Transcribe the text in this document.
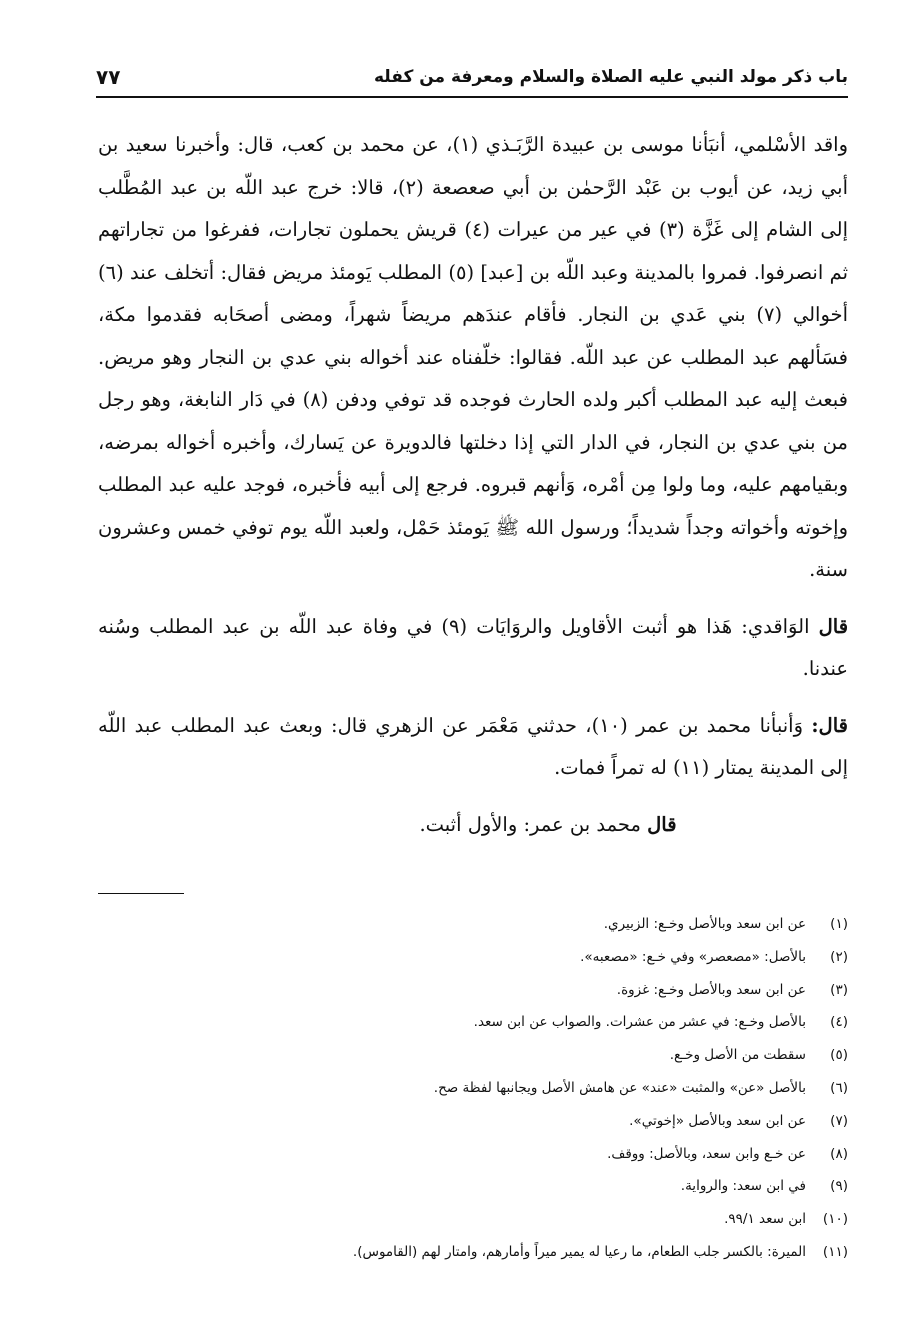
باب ذكر مولد النبي عليه الصلاة والسلام ومعرفة من كفله
٧٧

واقد الأسْلمي، أنبَأنا موسى بن عبيدة الرَّبَـذي (١)، عن محمد بن كعب، قال: وأخبرنا سعيد بن أبي زيد، عن أيوب بن عَبْد الرَّحمٰن بن أبي صعصعة (٢)، قالا: خرج عبد اللّه بن عبد المُطَّلب إلى الشام إلى غَزَّة (٣) في عير من عيرات (٤) قريش يحملون تجارات، ففرغوا من تجاراتهم ثم انصرفوا. فمروا بالمدينة وعبد اللّه بن [عبد] (٥) المطلب يَومئذ مريض فقال: أتخلف عند (٦) أخوالي (٧) بني عَدي بن النجار. فأقام عندَهم مريضاً شهراً، ومضى أصحَابه فقدموا مكة، فسَألهم عبد المطلب عن عبد اللّه. فقالوا: خلّفناه عند أخواله بني عدي بن النجار وهو مريض. فبعث إليه عبد المطلب أكبر ولده الحارث فوجده قد توفي ودفن (٨) في دَار النابغة، وهو رجل من بني عدي بن النجار، في الدار التي إذا دخلتها فالدويرة عن يَسارك، وأخبره أخواله بمرضه، وبقيامهم عليه، وما ولوا مِن أمْره، وَأنهم قبروه. فرجع إلى أبيه فأخبره، فوجد عليه عبد المطلب وإخوته وأخواته وجداً شديداً؛ ورسول الله ﷺ يَومئذ حَمْل، ولعبد اللّه يوم توفي خمس وعشرون سنة.

قال الوَاقدي: هَذا هو أثبت الأقاويل والروَايَات (٩) في وفاة عبد اللّه بن عبد المطلب وسُنه عندنا.

قال: وَأنبأنا محمد بن عمر (١٠)، حدثني مَعْمَر عن الزهري قال: وبعث عبد المطلب عبد اللّه إلى المدينة يمتار (١١) له تمراً فمات.

قال محمد بن عمر: والأول أثبت.

(١)
عن ابن سعد وبالأصل وخـع: الزبيري.
(٢)
بالأصل: «مصعصر» وفي خـع: «مصعبه».
(٣)
عن ابن سعد وبالأصل وخـع: غزوة.
(٤)
بالأصل وخـع: في عشر من عشرات. والصواب عن ابن سعد.
(٥)
سقطت من الأصل وخـع.
(٦)
بالأصل «عن» والمثبت «عند» عن هامش الأصل ويجانبها لفظة صح.
(٧)
عن ابن سعد وبالأصل «إخوتي».
(٨)
عن خـع وابن سعد، وبالأصل: ووقف.
(٩)
في ابن سعد: والرواية.
(١٠)
ابن سعد ٩٩/١.
(١١)
الميرة: بالكسر جلب الطعام، ما رعيا له يمير ميراً وأمارهم، وامتار لهم (القاموس).
